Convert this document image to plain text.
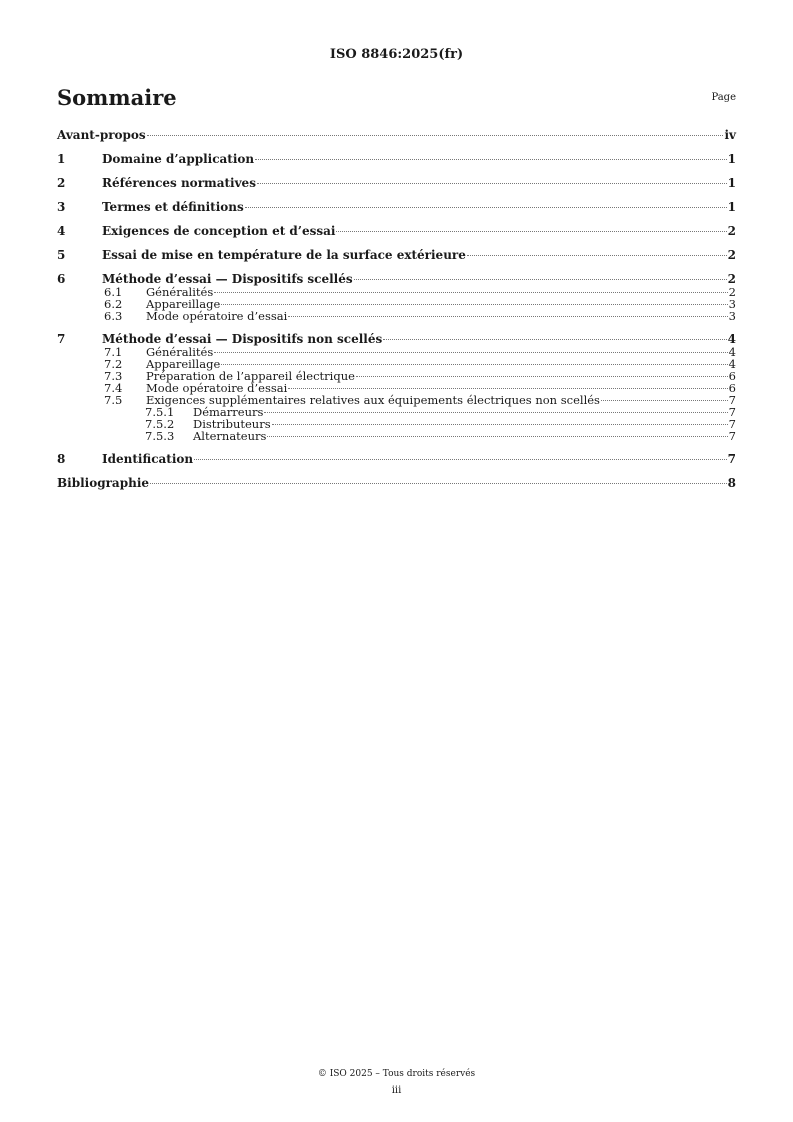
ISO 8846:2025(fr)
Sommaire	Page
Avant-propos	iv
1	Domaine d’application	1
2	Références normatives	1
3	Termes et définitions	1
4	Exigences de conception et d’essai	2
5	Essai de mise en température de la surface extérieure	2
6	Méthode d’essai — Dispositifs scellés	2
6.1	Généralités	2
6.2	Appareillage	3
6.3	Mode opératoire d’essai	3
7	Méthode d’essai — Dispositifs non scellés	4
7.1	Généralités	4
7.2	Appareillage	4
7.3	Préparation de l’appareil électrique	6
7.4	Mode opératoire d’essai	6
7.5	Exigences supplémentaires relatives aux équipements électriques non scellés	7
7.5.1	Démarreurs	7
7.5.2	Distributeurs	7
7.5.3	Alternateurs	7
8	Identification	7
Bibliographie	8
© ISO 2025 – Tous droits réservés
iii
